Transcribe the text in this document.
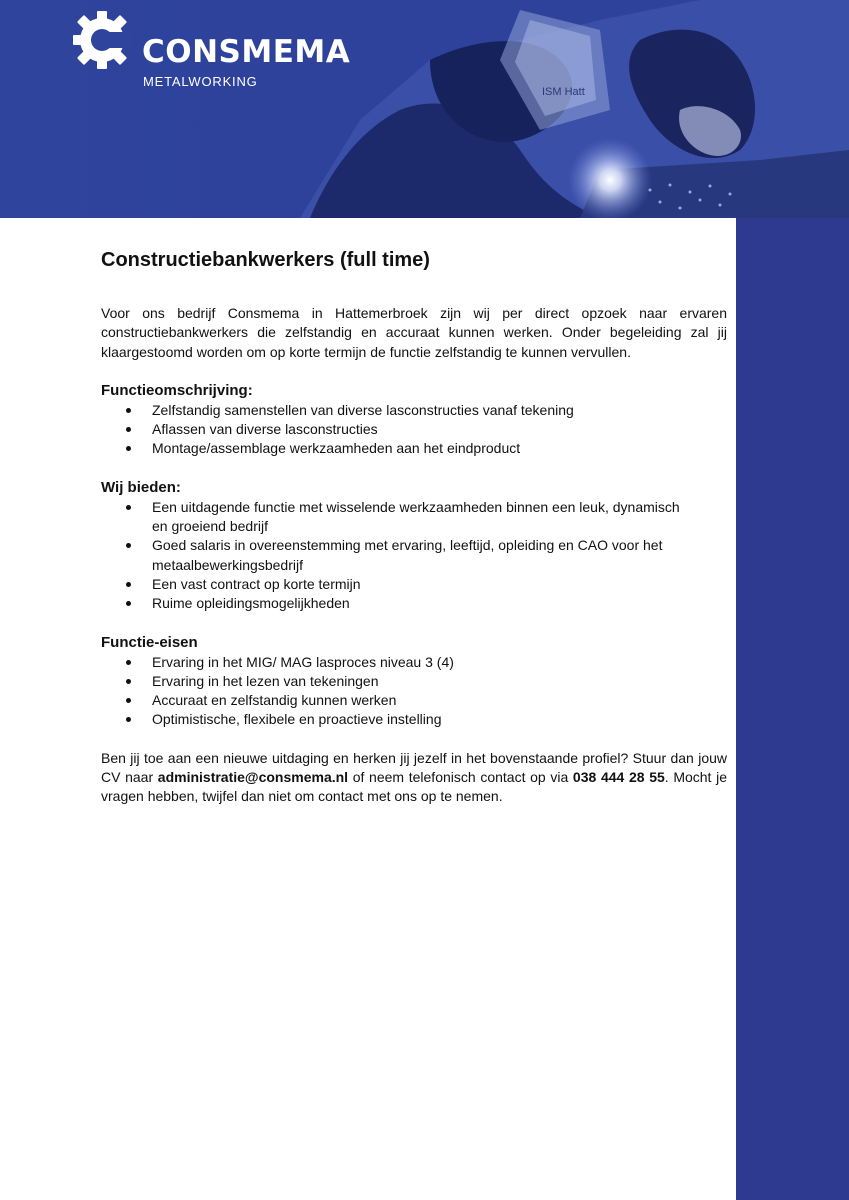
CONSMEMA
METALWORKING
Constructiebankwerkers (full time)

Voor ons bedrijf Consmema in Hattemerbroek zijn wij per direct opzoek naar ervaren constructiebankwerkers die zelfstandig en accuraat kunnen werken. Onder begeleiding zal jij klaargestoomd worden om op korte termijn de functie zelfstandig te kunnen vervullen.

Functieomschrijving:
Zelfstandig samenstellen van diverse lasconstructies vanaf tekening
Aflassen van diverse lasconstructies
Montage/assemblage werkzaamheden aan het eindproduct
Wij bieden:
Een uitdagende functie met wisselende werkzaamheden binnen een leuk, dynamisch en groeiend bedrijf
Goed salaris in overeenstemming met ervaring, leeftijd, opleiding en CAO voor het metaalbewerkingsbedrijf
Een vast contract op korte termijn
Ruime opleidingsmogelijkheden
Functie-eisen
Ervaring in het MIG/ MAG lasproces niveau 3 (4)
Ervaring in het lezen van tekeningen
Accuraat en zelfstandig kunnen werken
Optimistische, flexibele en proactieve instelling

Ben jij toe aan een nieuwe uitdaging en herken jij jezelf in het bovenstaande profiel? Stuur dan jouw CV naar administratie@consmema.nl of neem telefonisch contact op via 038 444 28 55. Mocht je vragen hebben, twijfel dan niet om contact met ons op te nemen.
